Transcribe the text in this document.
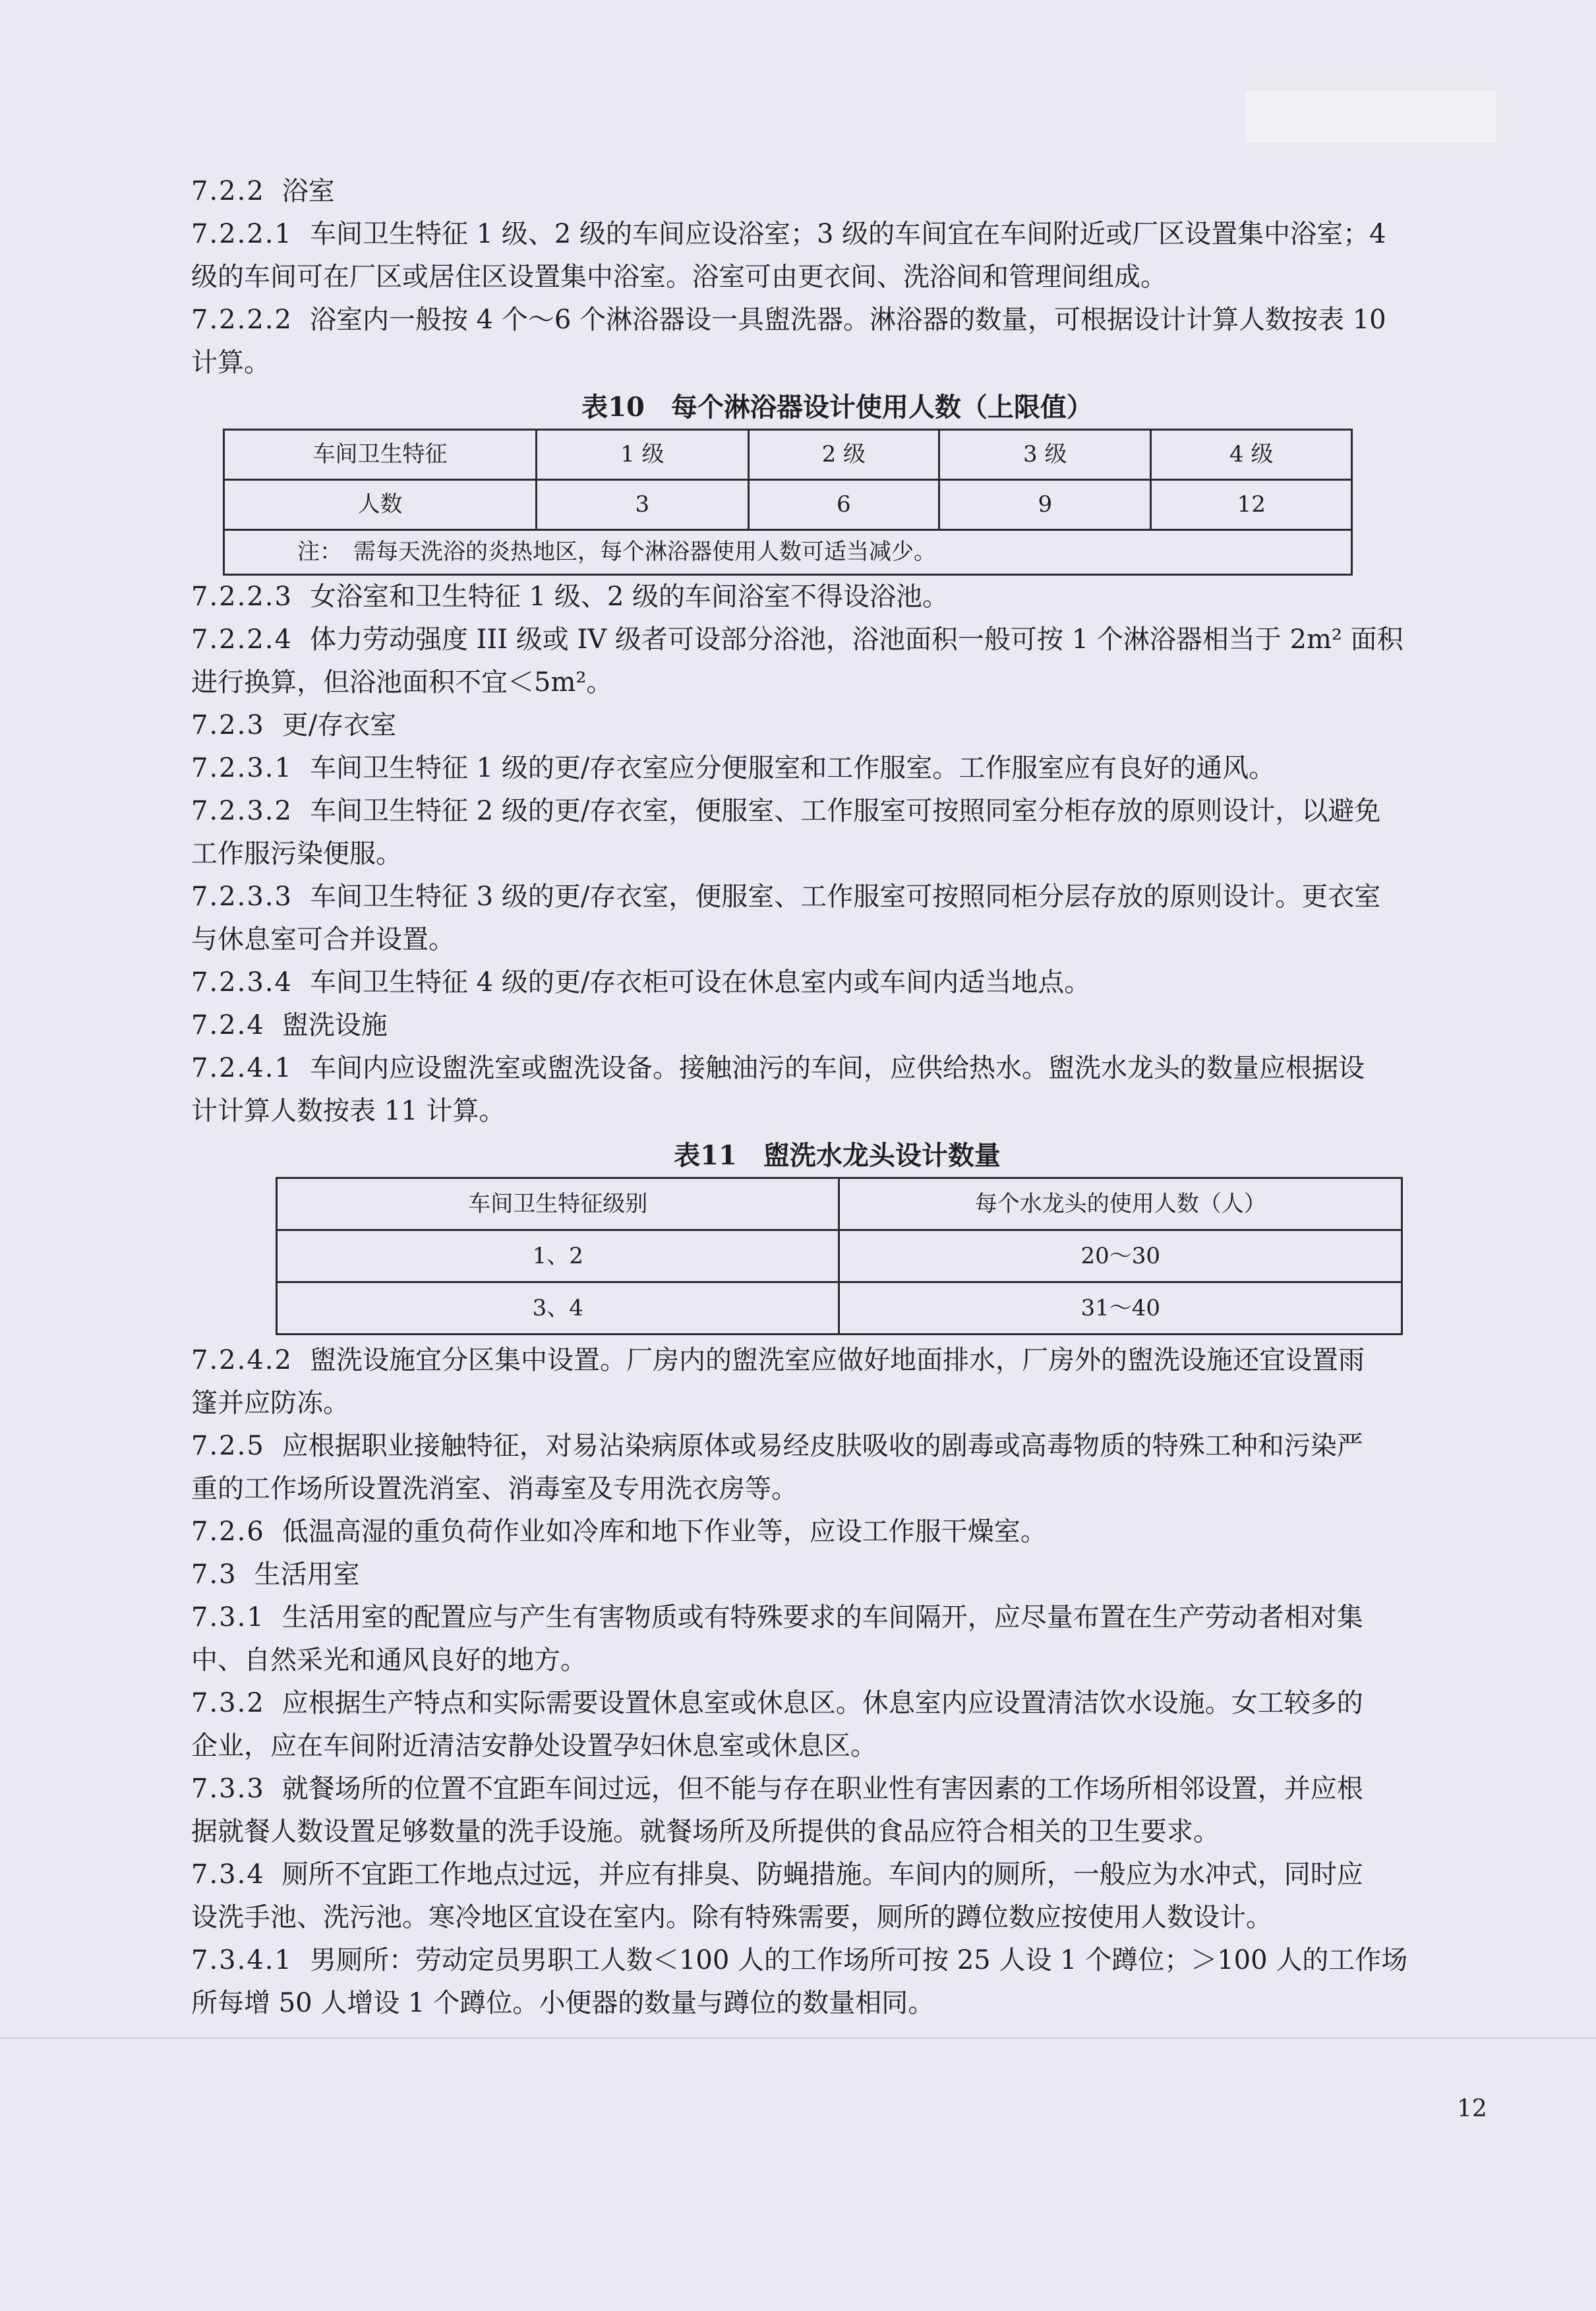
7.2.2 浴室
7.2.2.1 车间卫生特征 1 级、2 级的车间应设浴室；3 级的车间宜在车间附近或厂区设置集中浴室；4
级的车间可在厂区或居住区设置集中浴室。浴室可由更衣间、洗浴间和管理间组成。
7.2.2.2 浴室内一般按 4 个～6 个淋浴器设一具盥洗器。淋浴器的数量，可根据设计计算人数按表 10
计算。
表10　每个淋浴器设计使用人数（上限值）
车间卫生特征	1 级	2 级	3 级	4 级
人数	3	6	9	12
注：　需每天洗浴的炎热地区，每个淋浴器使用人数可适当减少。				
7.2.2.3 女浴室和卫生特征 1 级、2 级的车间浴室不得设浴池。
7.2.2.4 体力劳动强度 III 级或 IV 级者可设部分浴池，浴池面积一般可按 1 个淋浴器相当于 2m² 面积
进行换算，但浴池面积不宜＜5m²。
7.2.3 更/存衣室
7.2.3.1 车间卫生特征 1 级的更/存衣室应分便服室和工作服室。工作服室应有良好的通风。
7.2.3.2 车间卫生特征 2 级的更/存衣室，便服室、工作服室可按照同室分柜存放的原则设计，以避免
工作服污染便服。
7.2.3.3 车间卫生特征 3 级的更/存衣室，便服室、工作服室可按照同柜分层存放的原则设计。更衣室
与休息室可合并设置。
7.2.3.4 车间卫生特征 4 级的更/存衣柜可设在休息室内或车间内适当地点。
7.2.4 盥洗设施
7.2.4.1 车间内应设盥洗室或盥洗设备。接触油污的车间，应供给热水。盥洗水龙头的数量应根据设
计计算人数按表 11 计算。
表11　盥洗水龙头设计数量
车间卫生特征级别	每个水龙头的使用人数（人）
1、2	20～30
3、4	31～40
7.2.4.2 盥洗设施宜分区集中设置。厂房内的盥洗室应做好地面排水，厂房外的盥洗设施还宜设置雨
篷并应防冻。
7.2.5 应根据职业接触特征，对易沾染病原体或易经皮肤吸收的剧毒或高毒物质的特殊工种和污染严
重的工作场所设置洗消室、消毒室及专用洗衣房等。
7.2.6 低温高湿的重负荷作业如冷库和地下作业等，应设工作服干燥室。
7.3 生活用室
7.3.1 生活用室的配置应与产生有害物质或有特殊要求的车间隔开，应尽量布置在生产劳动者相对集
中、自然采光和通风良好的地方。
7.3.2 应根据生产特点和实际需要设置休息室或休息区。休息室内应设置清洁饮水设施。女工较多的
企业，应在车间附近清洁安静处设置孕妇休息室或休息区。
7.3.3 就餐场所的位置不宜距车间过远，但不能与存在职业性有害因素的工作场所相邻设置，并应根
据就餐人数设置足够数量的洗手设施。就餐场所及所提供的食品应符合相关的卫生要求。
7.3.4 厕所不宜距工作地点过远，并应有排臭、防蝇措施。车间内的厕所，一般应为水冲式，同时应
设洗手池、洗污池。寒冷地区宜设在室内。除有特殊需要，厕所的蹲位数应按使用人数设计。
7.3.4.1 男厕所：劳动定员男职工人数＜100 人的工作场所可按 25 人设 1 个蹲位；＞100 人的工作场
所每增 50 人增设 1 个蹲位。小便器的数量与蹲位的数量相同。
12
